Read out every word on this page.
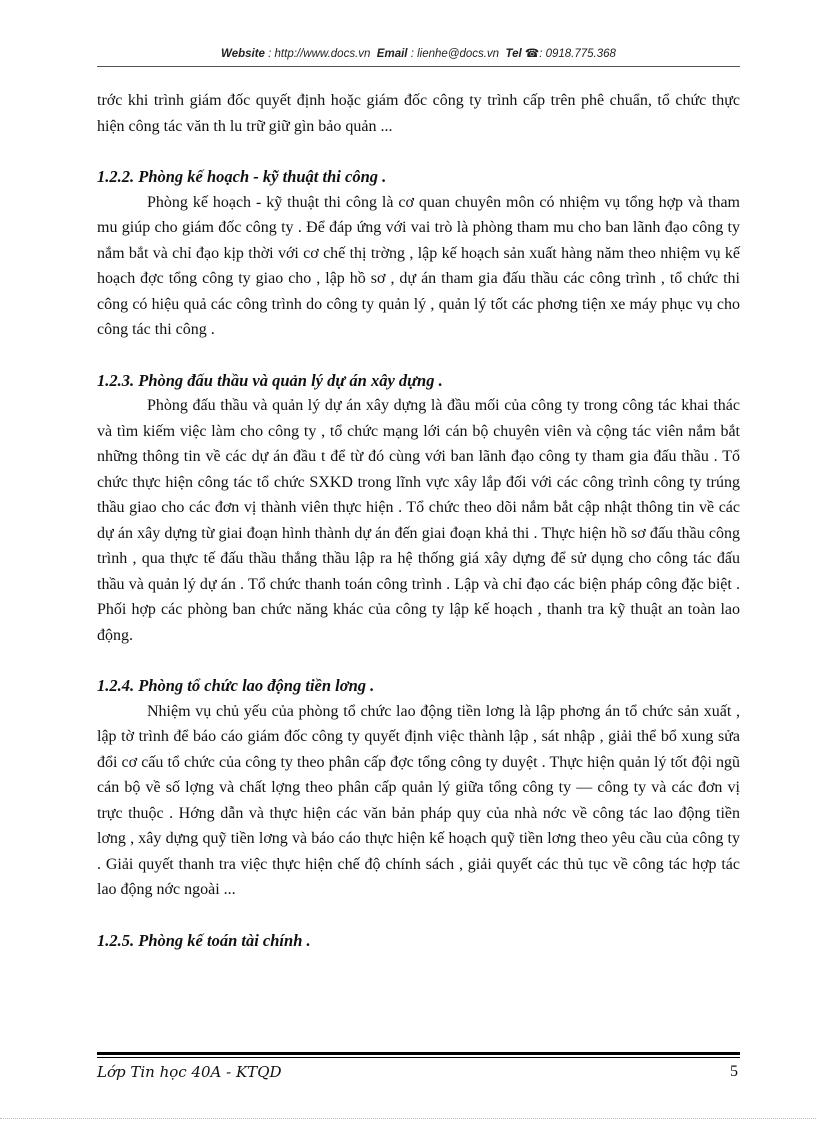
Website : http://www.docs.vn Email : lienhe@docs.vn Tel ☎: 0918.775.368

trớc khi trình giám đốc quyết định hoặc giám đốc công ty trình cấp trên phê chuẩn, tổ chức thực hiện công tác văn th lu trữ giữ gìn bảo quản ...

1.2.2. Phòng kế hoạch - kỹ thuật thi công .

Phòng kế hoạch - kỹ thuật thi công là cơ quan chuyên môn có nhiệm vụ tổng hợp và tham mu giúp cho giám đốc công ty . Để đáp ứng với vai trò là phòng tham mu cho ban lãnh đạo công ty nắm bắt và chỉ đạo kịp thời với cơ chế thị trờng , lập kế hoạch sản xuất hàng năm theo nhiệm vụ kế hoạch đợc tổng công ty giao cho , lập hồ sơ , dự án tham gia đấu thầu các công trình , tổ chức thi công có hiệu quả các công trình do công ty quản lý , quản lý tốt các phơng tiện xe máy phục vụ cho công tác thi công .

1.2.3. Phòng đấu thầu và quản lý dự án xây dựng .

Phòng đấu thầu và quản lý dự án xây dựng là đầu mối của công ty trong công tác khai thác và tìm kiếm việc làm cho công ty , tổ chức mạng lới cán bộ chuyên viên và cộng tác viên nắm bắt những thông tin về các dự án đầu t để từ đó cùng với ban lãnh đạo công ty tham gia đấu thầu . Tổ chức thực hiện công tác tổ chức SXKD trong lĩnh vực xây lắp đối với các công trình công ty trúng thầu giao cho các đơn vị thành viên thực hiện . Tổ chức theo dõi nắm bắt cập nhật thông tin về các dự án xây dựng từ giai đoạn hình thành dự án đến giai đoạn khả thi . Thực hiện hồ sơ đấu thầu công trình , qua thực tế đấu thầu thắng thầu lập ra hệ thống giá xây dựng để sử dụng cho công tác đấu thầu và quản lý dự án . Tổ chức thanh toán công trình . Lập và chỉ đạo các biện pháp công đặc biệt . Phối hợp các phòng ban chức năng khác của công ty lập kế hoạch , thanh tra kỹ thuật an toàn lao động.

1.2.4. Phòng tổ chức lao động tiền lơng .

Nhiệm vụ chủ yếu của phòng tổ chức lao động tiền lơng là lập phơng án tổ chức sản xuất , lập tờ trình để báo cáo giám đốc công ty quyết định việc thành lập , sát nhập , giải thể bổ xung sửa đổi cơ cấu tổ chức của công ty theo phân cấp đợc tổng công ty duyệt . Thực hiện quản lý tốt đội ngũ cán bộ về số lợng và chất lợng theo phân cấp quản lý giữa tổng công ty — công ty và các đơn vị trực thuộc . Hớng dẫn và thực hiện các văn bản pháp quy của nhà nớc về công tác lao động tiền lơng , xây dựng quỹ tiền lơng và báo cáo thực hiện kế hoạch quỹ tiền lơng theo yêu cầu của công ty . Giải quyết thanh tra việc thực hiện chế độ chính sách , giải quyết các thủ tục về công tác hợp tác lao động nớc ngoài ...

1.2.5. Phòng kế toán tài chính .

Lớp Tin học 40A - KTQD	5
